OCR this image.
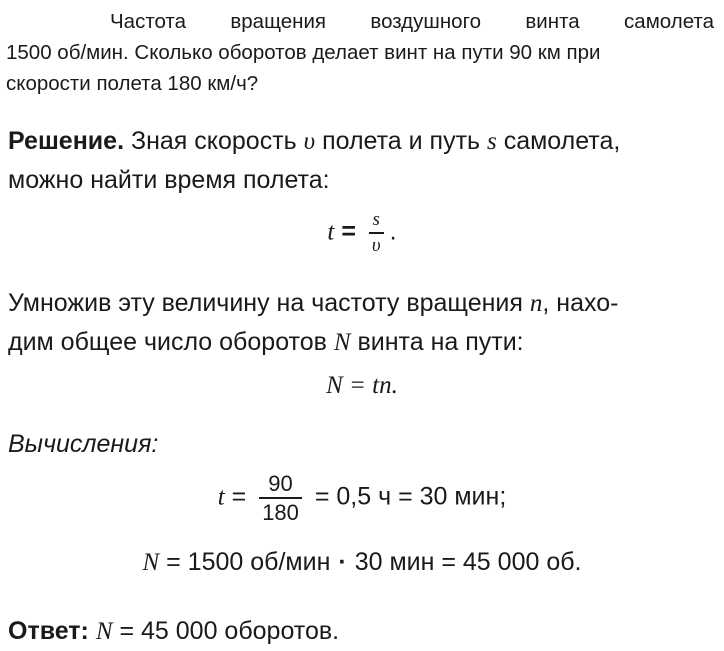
Частота вращения воздушного винта самолета
1500 об/мин. Сколько оборотов делает винт на пути 90 км при
скорости полета 180 км/ч?
Решение. Зная скорость υ полета и путь s самолета,
можно найти время полета:
$t = \frac{s}{\upsilon}$ .
Умножив эту величину на частоту вращения n, нахо-
дим общее число оборотов N винта на пути:
N = tn.
Вычисления:
$t = \frac{90}{180} = 0,5$ ч = 30 мин;
N = 1500 об/мин · 30 мин = 45 000 об.
Ответ: N = 45 000 оборотов.
